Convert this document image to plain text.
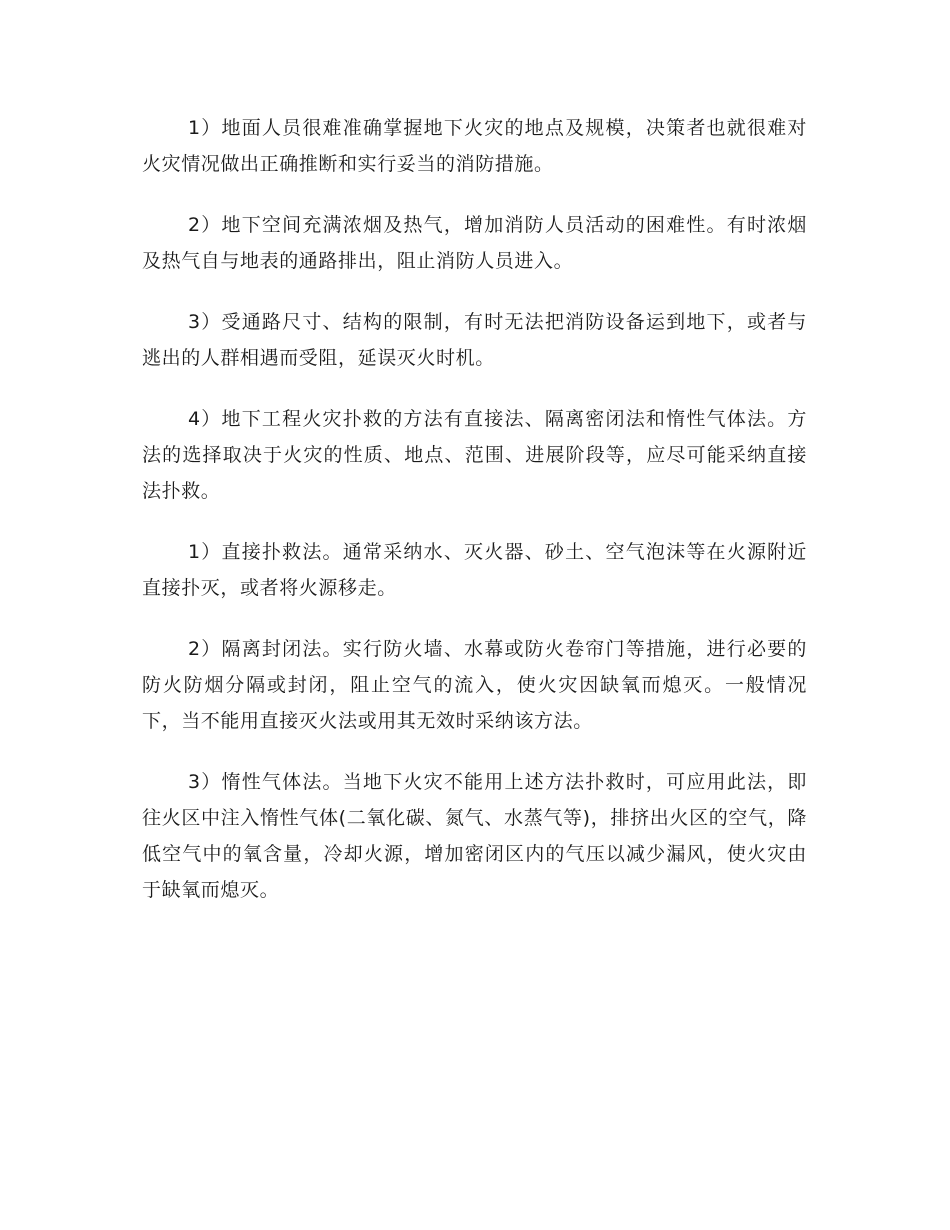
1）地面人员很难准确掌握地下火灾的地点及规模，决策者也就很难对火灾情况做出正确推断和实行妥当的消防措施。

2）地下空间充满浓烟及热气，增加消防人员活动的困难性。有时浓烟及热气自与地表的通路排出，阻止消防人员进入。

3）受通路尺寸、结构的限制，有时无法把消防设备运到地下，或者与逃出的人群相遇而受阻，延误灭火时机。

4）地下工程火灾扑救的方法有直接法、隔离密闭法和惰性气体法。方法的选择取决于火灾的性质、地点、范围、进展阶段等，应尽可能采纳直接法扑救。

1）直接扑救法。通常采纳水、灭火器、砂土、空气泡沫等在火源附近直接扑灭，或者将火源移走。

2）隔离封闭法。实行防火墙、水幕或防火卷帘门等措施，进行必要的防火防烟分隔或封闭，阻止空气的流入，使火灾因缺氧而熄灭。一般情况下，当不能用直接灭火法或用其无效时采纳该方法。

3）惰性气体法。当地下火灾不能用上述方法扑救时，可应用此法，即往火区中注入惰性气体(二氧化碳、氮气、水蒸气等)，排挤出火区的空气，降低空气中的氧含量，冷却火源，增加密闭区内的气压以减少漏风，使火灾由于缺氧而熄灭。
